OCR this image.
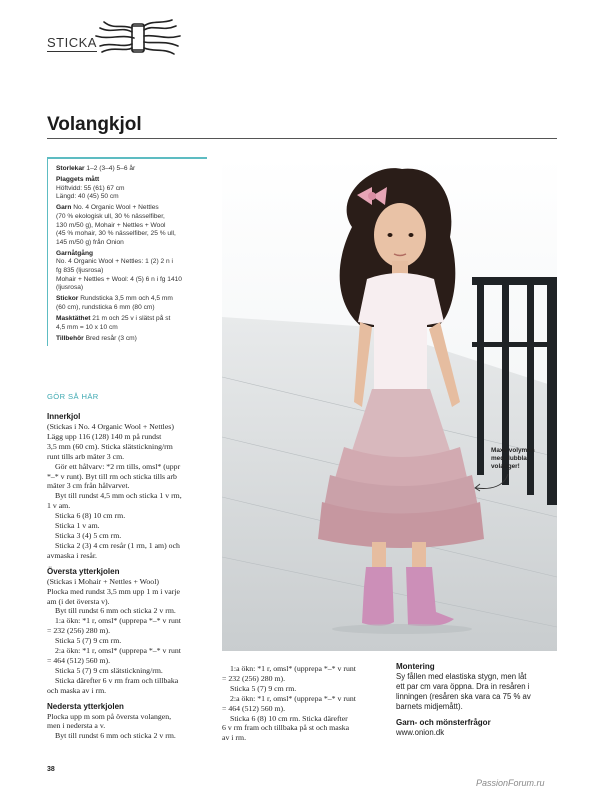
STICKA
Volangkjol

Storlekar 1–2 (3–4) 5–6 år

Plaggets mått
Höftvidd: 55 (61) 67 cm
Längd: 40 (45) 50 cm

Garn No. 4 Organic Wool + Nettles
(70 % ekologisk ull, 30 % nässelfiber,
130 m/50 g), Mohair + Nettles + Wool
(45 % mohair, 30 % nässelfiber, 25 % ull,
145 m/50 g) från Onion

Garnåtgång
No. 4 Organic Wool + Nettles: 1 (2) 2 n i
fg 835 (ljusrosa)
Mohair + Nettles + Wool: 4 (5) 6 n i fg 1410
(ljusrosa)

Stickor Rundsticka 3,5 mm och 4,5 mm
(60 cm), rundsticka 6 mm (80 cm)

Masktäthet 21 m och 25 v i slätst på st
4,5 mm = 10 x 10 cm

Tillbehör Bred resår (3 cm)

GÖR SÅ HÄR
Innerkjol
(Stickas i No. 4 Organic Wool + Nettles)
Lägg upp 116 (128) 140 m på rundst
3,5 mm (60 cm). Sticka slätstickning/rm
runt tills arb mäter 3 cm.
Gör ett hålvarv: *2 rm tills, omsl* (uppr
*–* v runt). Byt till rm och sticka tills arb
mäter 3 cm från hålvarvet.
Byt till rundst 4,5 mm och sticka 1 v rm,
1 v am.
Sticka 6 (8) 10 cm rm.
Sticka 1 v am.
Sticka 3 (4) 5 cm rm.
Sticka 2 (3) 4 cm resår (1 rm, 1 am) och
avmaska i resår.
Översta ytterkjolen
(Stickas i Mohair + Nettles + Wool)
Plocka med rundst 3,5 mm upp 1 m i varje
am (i det översta v).
Byt till rundst 6 mm och sticka 2 v rm.
1:a ökn: *1 r, omsl* (upprepa *–* v runt
= 232 (256) 280 m).
Sticka 5 (7) 9 cm rm.
2:a ökn: *1 r, omsl* (upprepa *–* v runt
= 464 (512) 560 m).
Sticka 5 (7) 9 cm slätstickning/rm.
Sticka därefter 6 v rm fram och tillbaka
och maska av i rm.
Nedersta ytterkjolen
Plocka upp m som på översta volangen,
men i nedersta a v.
Byt till rundst 6 mm och sticka 2 v rm.
1:a ökn: *1 r, omsl* (upprepa *–* v runt
= 232 (256) 280 m).
Sticka 5 (7) 9 cm rm.
2:a ökn: *1 r, omsl* (upprepa *–* v runt
= 464 (512) 560 m).
Sticka 6 (8) 10 cm rm. Sticka därefter
6 v rm fram och tillbaka på st och maska
av i rm.
Maxa volymen
med dubbla
volanger!
Montering
Sy fållen med elastiska stygn, men låt
ett par cm vara öppna. Dra in resåren i
linningen (resåren ska vara ca 75 % av
barnets midjemått).
Garn- och mönsterfrågor
www.onion.dk
38
PassionForum.ru
